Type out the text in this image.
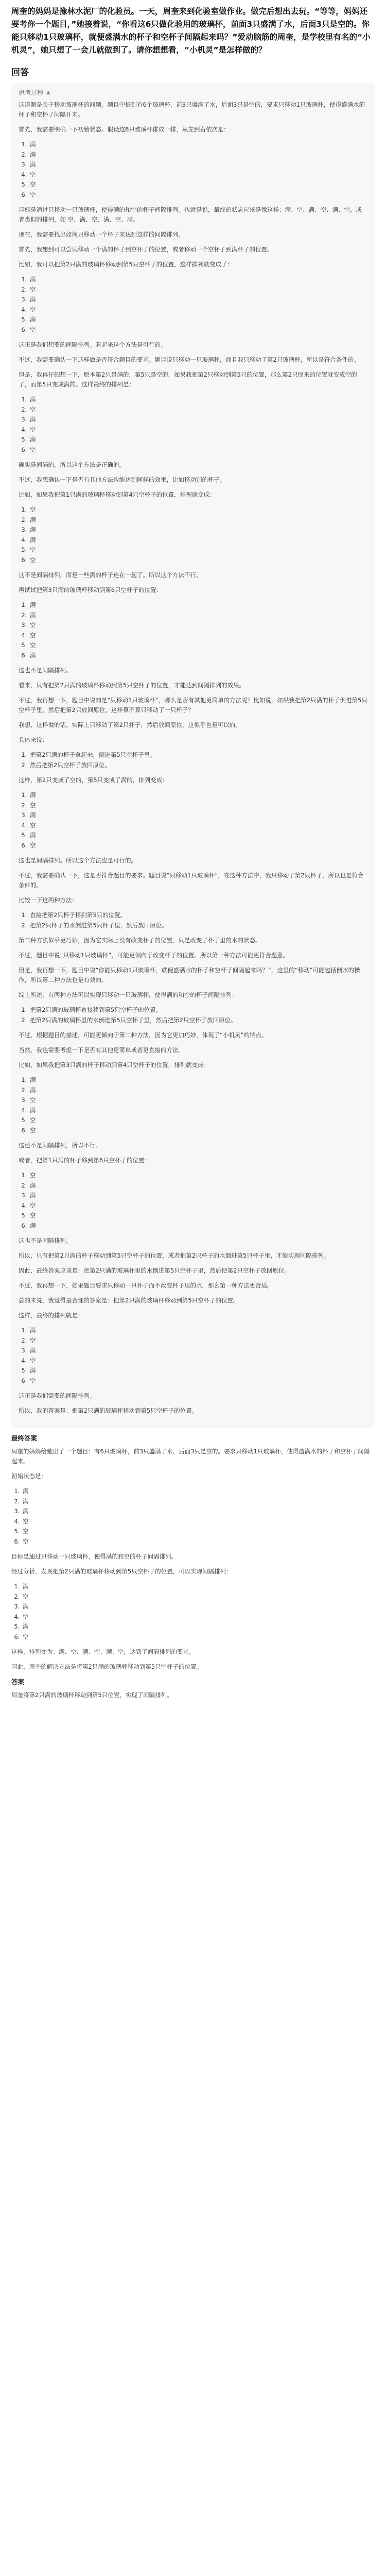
周奎的妈妈是豫林水泥厂的化验员。一天，周奎来到化验室做作业。做完后想出去玩。“等等，妈妈还要考你一个题目，”她接着说，“你看这6只做化验用的玻璃杯，前面3只盛满了水，后面3只是空的。你能只移动1只玻璃杯，就便盛满水的杯子和空杯子间隔起来吗？”爱动脑筋的周奎，是学校里有名的“小机灵”，她只想了一会儿就做到了。请你想想看，“小机灵”是怎样做的？

回答
思考过程 ▲

这道题是关于移动玻璃杯的问题。题目中提到有6个玻璃杯，前3只盛满了水，后面3只是空的，要求只移动1只玻璃杯，使得盛满水的杯子和空杯子间隔开来。

首先，我需要明确一下初始状态。假设这6只玻璃杯排成一排，从左到右依次是：

1. 满
2. 满
3. 满
4. 空
5. 空
6. 空

目标是通过只移动一只玻璃杯，使得满的和空的杯子间隔排列。也就是说，最终的状态应该是像这样：满、空、满、空、满、空，或者类似的排列，如 空、满、空、满、空、满。

现在，我需要找出如何只移动一个杯子来达到这样的间隔排列。

首先，我想到可以尝试移动一个满的杯子到空杯子的位置，或者移动一个空杯子到满杯子的位置。

比如，我可以把第2只满的玻璃杯移动到第5只空杯子的位置，这样排列就变成了：

1. 满
2. 空
3. 满
4. 空
5. 满
6. 空

这正是我们想要的间隔排列。看起来这个方法是可行的。

不过，我需要确认一下这样做是否符合题目的要求。题目说只移动一只玻璃杯，而且我只移动了第2只玻璃杯，所以是符合条件的。

但是，我再仔细想一下，原本第2只是满的，第5只是空的，如果我把第2只移动到第5只的位置，那么第2只原来的位置就变成空的了，而第5只变成满的。这样最终的排列是：

1. 满
2. 空
3. 满
4. 空
5. 满
6. 空

确实是间隔的。所以这个方法是正确的。

不过，我想确认一下是否有其他方法也能达到同样的效果，比如移动别的杯子。

比如，如果我把第1只满的玻璃杯移动到第4只空杯子的位置，排列就变成：

1. 空
2. 满
3. 满
4. 满
5. 空
6. 空

这不是间隔排列，而是一些满的杯子连在一起了。所以这个方法不行。

再试试把第3只满的玻璃杯移动到第6只空杯子的位置：

1. 满
2. 满
3. 空
4. 空
5. 空
6. 满

这也不是间隔排列。

看来，只有把第2只满的玻璃杯移动到第5只空杯子的位置，才能达到间隔排列的效果。

不过，我再想一下，题目中说的是“只移动1只玻璃杯”，那么是否有其他更简单的方法呢？比如说，如果我把第2只满的杯子倒进第5只空杯子里，然后把第2只放回原位，这样算不算只移动了一只杯子？

我想，这样做的话，实际上只移动了第2只杯子，然后放回原位，这似乎也是可以的。

具体来说：

1. 把第2只满的杯子拿起来，倒进第5只空杯子里。
2. 然后把第2只空杯子放回原位。

这样，第2只变成了空的，第5只变成了满的，排列变成：

1. 满
2. 空
3. 满
4. 空
5. 满
6. 空

这也是间隔排列。所以这个方法也是可行的。

不过，我需要确认一下，这是否符合题目的要求。题目说“只移动1只玻璃杯”，在这种方法中，我只移动了第2只杯子，所以也是符合条件的。

比较一下这两种方法：

1. 直接把第2只杯子移到第5只的位置。
2. 把第2只杯子的水倒进第5只杯子里，然后放回原位。

第二种方法似乎更巧妙，因为它实际上没有改变杯子的位置，只是改变了杯子里的水的状态。

不过，题目中说“只移动1只玻璃杯”，可能更倾向于改变杯子的位置。所以第一种方法可能更符合题意。

但是，我再想一下，题目中说“你能只移动1只玻璃杯，就便盛满水的杯子和空杯子间隔起来吗？”，这里的“移动”可能包括倒水的操作，所以第二种方法也是有效的。

综上所述，有两种方法可以实现只移动一只玻璃杯，使得满的和空的杯子间隔排列：

1. 把第2只满的玻璃杯直接移到第5只空杯子的位置。
2. 把第2只满的玻璃杯里的水倒进第5只空杯子里，然后把第2只空杯子放回原位。

不过，根据题目的描述，可能更倾向于第二种方法，因为它更加巧妙，体现了“小机灵”的特点。

当然，我也需要考虑一下是否有其他更简单或者更直接的方法。

比如，如果我把第3只满的杯子移动到第4只空杯子的位置，排列就变成：

1. 满
2. 满
3. 空
4. 满
5. 空
6. 空

这还不是间隔排列，所以不行。

或者，把第1只满的杯子移到第6只空杯子的位置：

1. 空
2. 满
3. 满
4. 空
5. 空
6. 满

这也不是间隔排列。

所以，只有把第2只满的杯子移动到第5只空杯子的位置，或者把第2只杯子的水倒进第5只杯子里，才能实现间隔排列。

因此，最终答案应该是：把第2只满的玻璃杯里的水倒进第5只空杯子里，然后把第2只空杯子放回原位。

不过，我再想一下，如果题目要求只移动一只杯子而不改变杯子里的水，那么第一种方法更合适。

总的来说，我觉得最合理的答案是：把第2只满的玻璃杯移动到第5只空杯子的位置。

这样，最终的排列就是：

1. 满
2. 空
3. 满
4. 空
5. 满
6. 空

这正是我们需要的间隔排列。

所以，我的答案是：把第2只满的玻璃杯移动到第5只空杯子的位置。

最终答案

周奎的妈妈给她出了一个题目：有6只玻璃杯，前3只盛满了水，后面3只是空的。要求只移动1只玻璃杯，使得盛满水的杯子和空杯子间隔起来。

初始状态是：

1. 满
2. 满
3. 满
4. 空
5. 空
6. 空

目标是通过只移动一只玻璃杯，使得满的和空的杯子间隔排列。

经过分析，发现把第2只满的玻璃杯移动到第5只空杯子的位置，可以实现间隔排列：

1. 满
2. 空
3. 满
4. 空
5. 满
6. 空

这样，排列变为：满、空、满、空、满、空，达到了间隔排列的要求。

因此，周奎的解决方法是将第2只满的玻璃杯移动到第5只空杯子的位置。

答案

周奎将第2只满的玻璃杯移动到第5只位置，实现了间隔排列。
